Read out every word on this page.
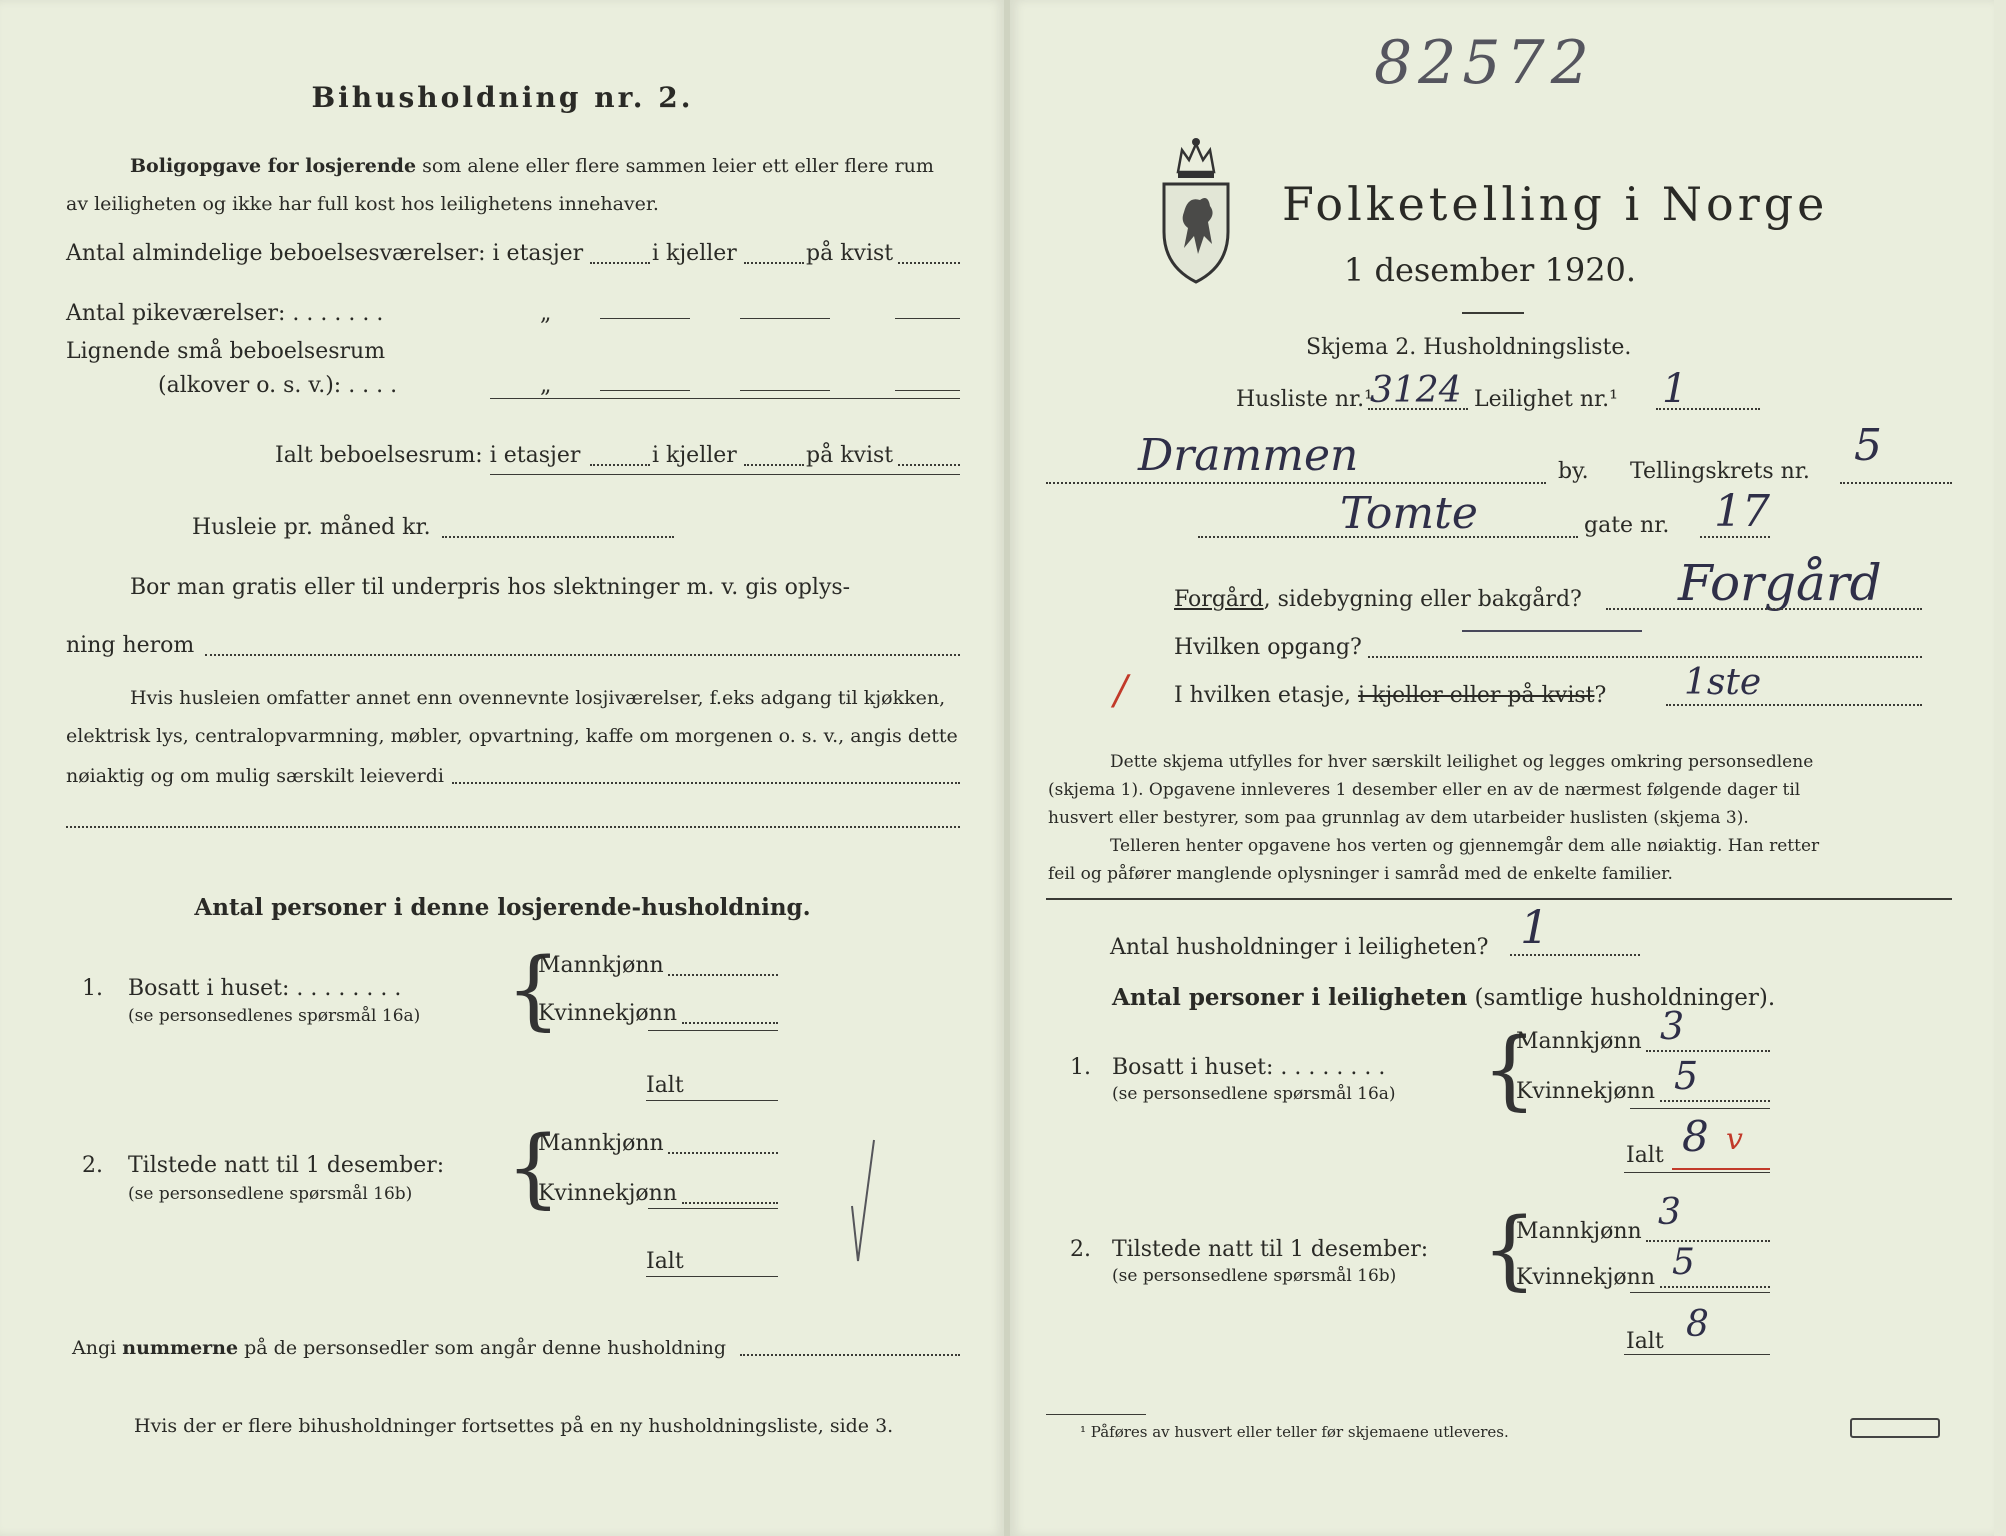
Bihusholdning nr. 2.
Boligopgave for losjerende som alene eller flere sammen leier ett eller flere rum
av leiligheten og ikke har full kost hos leilighetens innehaver.
Antal almindelige beboelsesværelser: i etasjer	i kjeller	på kvist
Antal pikeværelser: . . . . . . .	„
Lignende små beboelsesrum
(alkover o. s. v.): . . . .	„
Ialt beboelsesrum: i etasjer	i kjeller	på kvist
Husleie pr. måned kr.
Bor man gratis eller til underpris hos slektninger m. v. gis oplys-
ning herom
Hvis husleien omfatter annet enn ovennevnte losjiværelser, f.eks adgang til kjøkken,
elektrisk lys, centralopvarmning, møbler, opvartning, kaffe om morgenen o. s. v., angis dette
nøiaktig og om mulig særskilt leieverdi
Antal personer i denne losjerende-husholdning.
1. Bosatt i huset: . . . . . . . .
(se personsedlenes spørsmål 16a) {
Mannkjønn
Kvinnekjønn
Ialt
2. Tilstede natt til 1 desember:
(se personsedlene spørsmål 16b) {
Mannkjønn
Kvinnekjønn
Ialt
Angi nummerne på de personsedler som angår denne husholdning
Hvis der er flere bihusholdninger fortsettes på en ny husholdningsliste, side 3.
82572
Folketelling i Norge
1 desember 1920.
Skjema 2. Husholdningsliste.
Husliste nr.¹
3124 Leilighet nr.¹ 1
Drammen	by. Tellingskrets nr.
5
Tomte	gate nr. 17
Forgård, sidebygning eller bakgård? Forgård
Hvilken opgang?
/ I hvilken etasje, i kjeller eller på kvist? 1ste
Dette skjema utfylles for hver særskilt leilighet og legges omkring personsedlene
(skjema 1). Opgavene innleveres 1 desember eller en av de nærmest følgende dager til
husvert eller bestyrer, som paa grunnlag av dem utarbeider huslisten (skjema 3).
Telleren henter opgavene hos verten og gjennemgår dem alle nøiaktig. Han retter
feil og påfører manglende oplysninger i samråd med de enkelte familier.
Antal husholdninger i leiligheten? 1
Antal personer i leiligheten (samtlige husholdninger).
1. Bosatt i huset: . . . . . . . .
(se personsedlene spørsmål 16a) {
Mannkjønn 3
Kvinnekjønn 5
Ialt 8 v
2. Tilstede natt til 1 desember:
(se personsedlene spørsmål 16b) {
Mannkjønn 3
Kvinnekjønn 5
Ialt 8
¹ Påføres av husvert eller teller før skjemaene utleveres.
